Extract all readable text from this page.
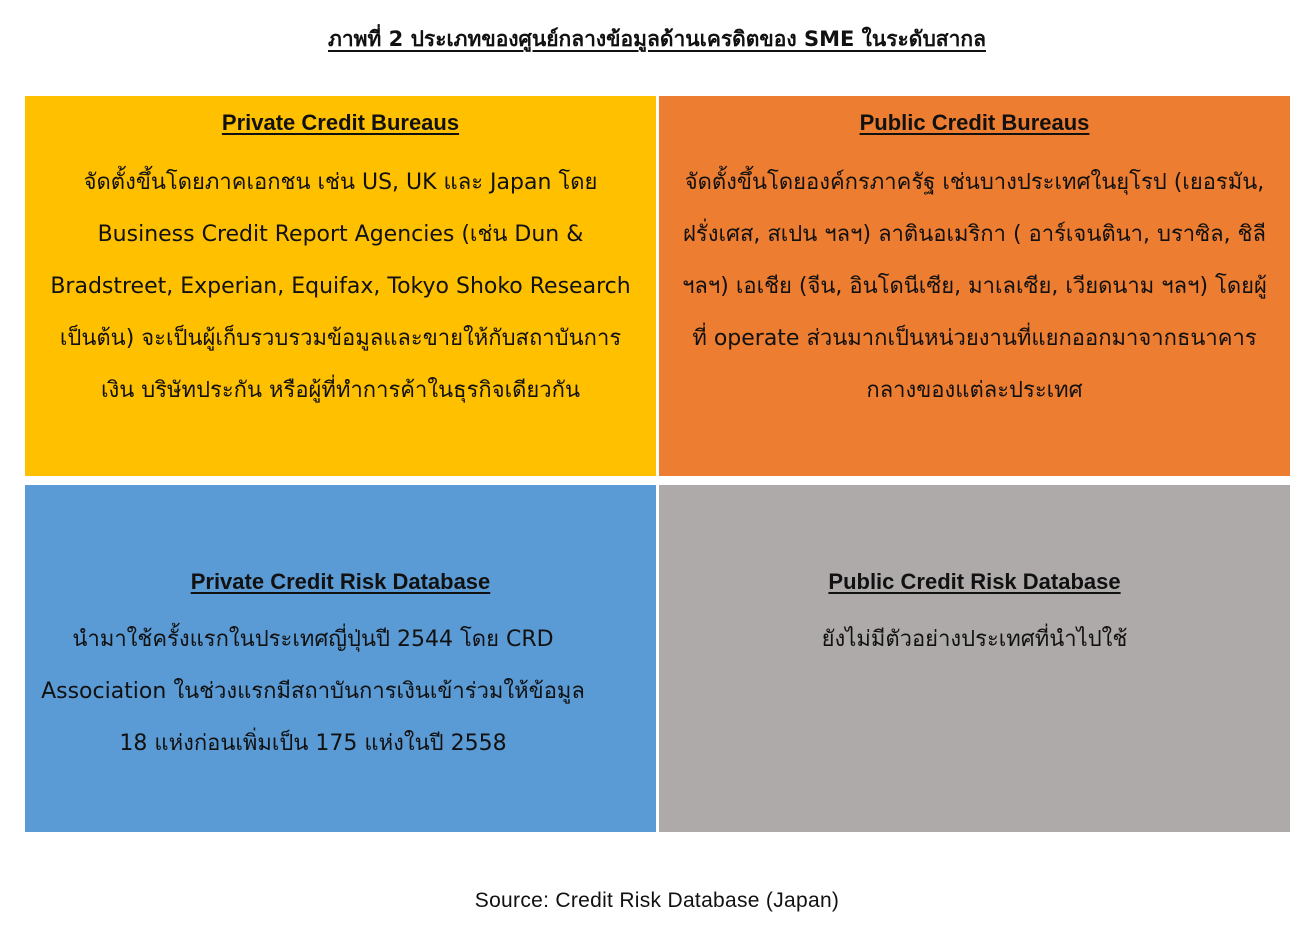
ภาพที่ 2 ประเภทของศูนย์กลางข้อมูลด้านเครดิตของ SME ในระดับสากล
Private Credit Bureaus
จัดตั้งขึ้นโดยภาคเอกชน เช่น US, UK และ Japan โดย Business Credit Report Agencies (เช่น Dun & Bradstreet, Experian, Equifax, Tokyo Shoko Research เป็นต้น) จะเป็นผู้เก็บรวบรวมข้อมูลและขายให้กับสถาบันการเงิน บริษัทประกัน หรือผู้ที่ทำการค้าในธุรกิจเดียวกัน
Public Credit Bureaus
จัดตั้งขึ้นโดยองค์กรภาครัฐ เช่นบางประเทศในยุโรป (เยอรมัน, ฝรั่งเศส, สเปน ฯลฯ) ลาตินอเมริกา ( อาร์เจนตินา, บราซิล, ชิลี ฯลฯ) เอเชีย (จีน, อินโดนีเซีย, มาเลเซีย, เวียดนาม ฯลฯ) โดยผู้ที่ operate ส่วนมากเป็นหน่วยงานที่แยกออกมาจากธนาคารกลางของแต่ละประเทศ
Private Credit Risk Database
นำมาใช้ครั้งแรกในประเทศญี่ปุ่นปี 2544 โดย CRD Association ในช่วงแรกมีสถาบันการเงินเข้าร่วมให้ข้อมูล 18 แห่งก่อนเพิ่มเป็น 175 แห่งในปี 2558
Public Credit Risk Database
ยังไม่มีตัวอย่างประเทศที่นำไปใช้
Source: Credit Risk Database (Japan)
